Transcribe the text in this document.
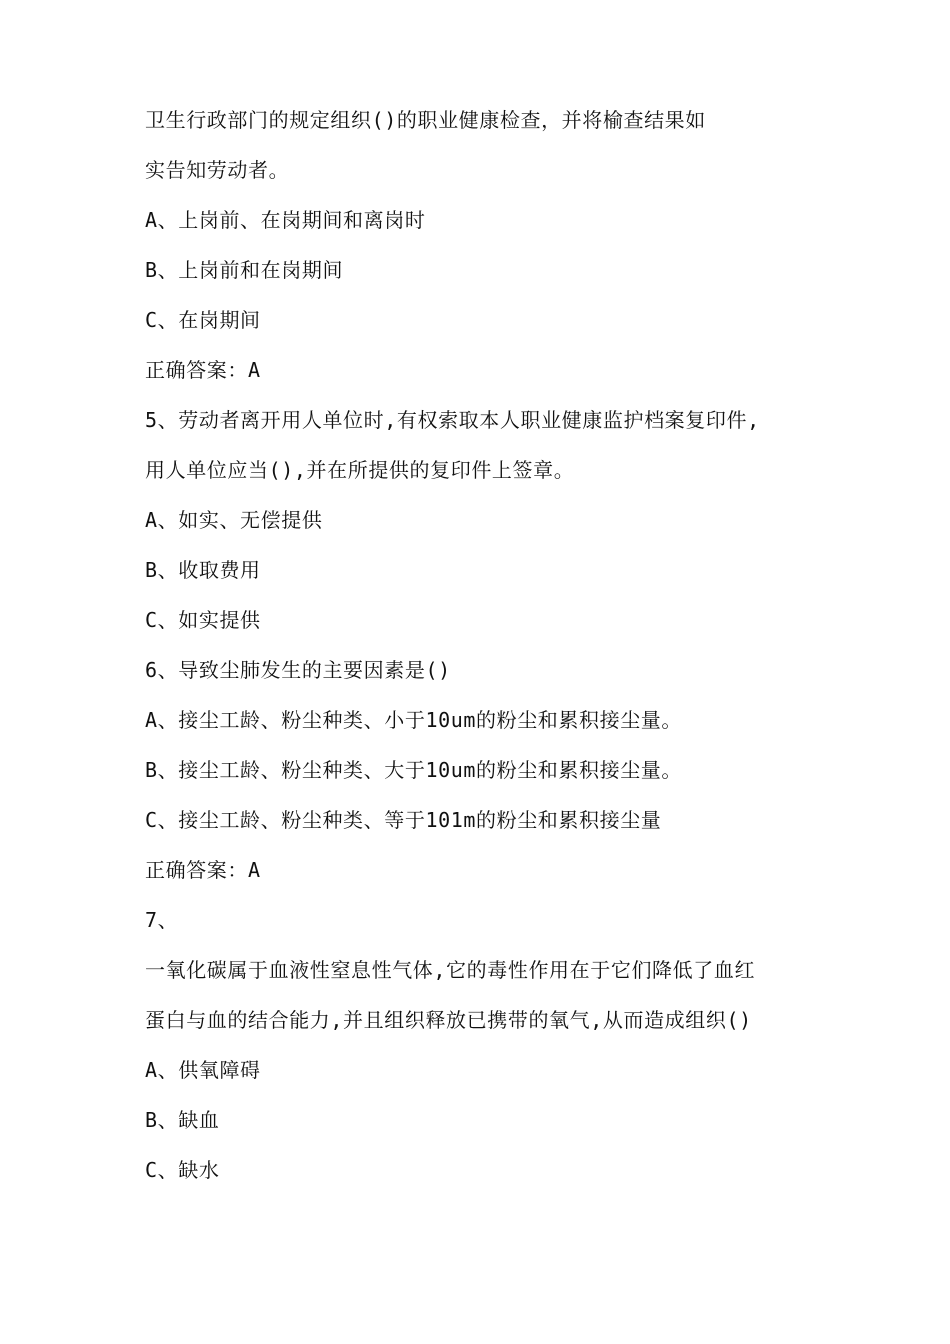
卫生行政部门的规定组织()的职业健康检查，并将榆查结果如
实告知劳动者。
A、上岗前、在岗期间和离岗时
B、上岗前和在岗期间
C、在岗期间
正确答案：A
5、劳动者离开用人单位时,有权索取本人职业健康监护档案复印件,
用人单位应当(),并在所提供的复印件上签章。
A、如实、无偿提供
B、收取费用
C、如实提供
6、导致尘肺发生的主要因素是()
A、接尘工龄、粉尘种类、小于10um的粉尘和累积接尘量。
B、接尘工龄、粉尘种类、大于10um的粉尘和累积接尘量。
C、接尘工龄、粉尘种类、等于101m的粉尘和累积接尘量
正确答案：A
7、
一氧化碳属于血液性窒息性气体,它的毒性作用在于它们降低了血红
蛋白与血的结合能力,并且组织释放已携带的氧气,从而造成组织()
A、供氧障碍
B、缺血
C、缺水
